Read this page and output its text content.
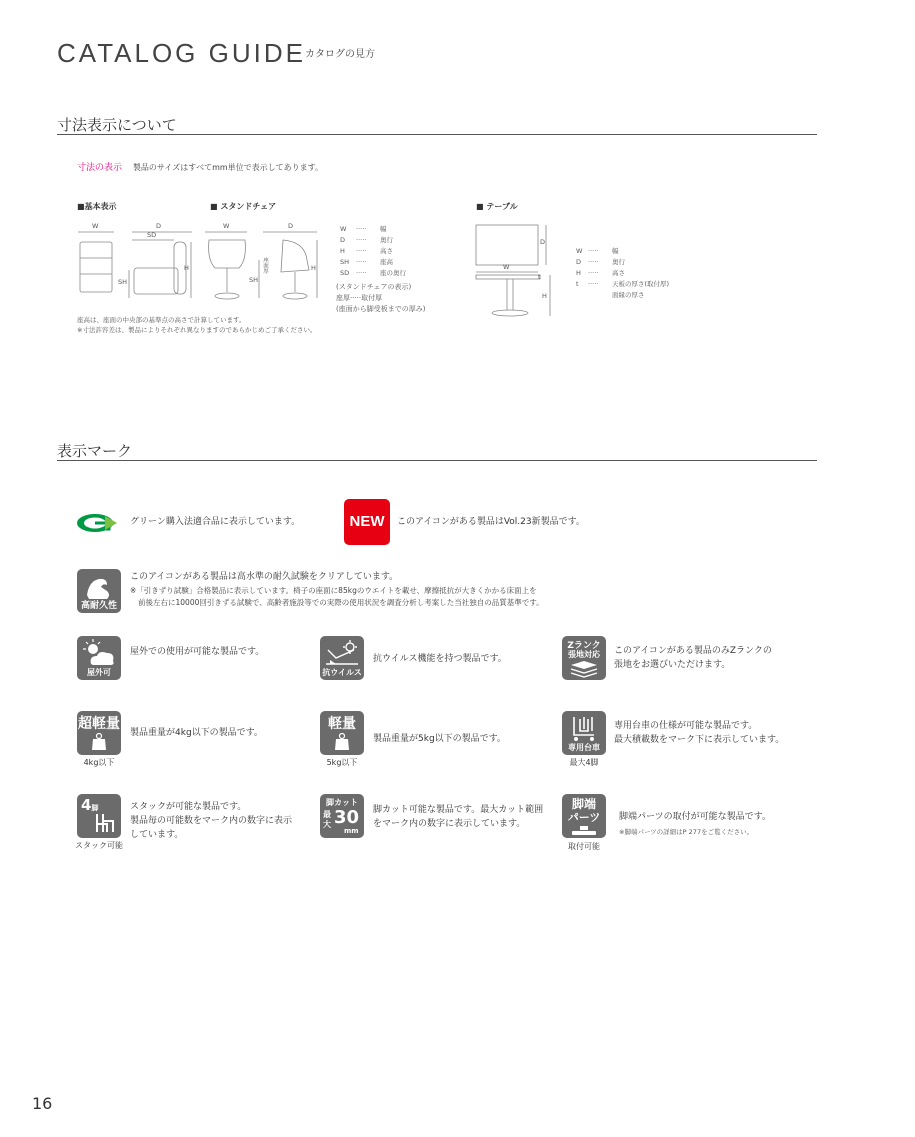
CATALOG GUIDE カタログの見方
寸法表示について
寸法の表示 製品のサイズはすべてmm単位で表示してあります。
■基本表示	■ スタンドチェア	■ テーブル
W	D
SD
SH
H
W	D
座面厚
SH
H
W ····· 幅
D ····· 奥行
H ····· 高さ
SH ····· 座高
SD ····· 座の奥行
(スタンドチェアの表示)
座厚·····取付厚
(座面から脚受板までの厚み)
D
W
t
H
W ····· 幅
D ····· 奥行
H ····· 高さ
t ····· 天板の厚さ(取付厚)
面縁の厚さ
座高は、座面の中央部の基準点の高さで計算しています。
※寸法許容差は、製品によりそれぞれ異なりますのであらかじめご了承ください。
表示マーク
グリーン購入法適合品に表示しています。	NEW	このアイコンがある製品はVol.23新製品です。
高耐久性
このアイコンがある製品は高水準の耐久試験をクリアしています。
※「引きずり試験」合格製品に表示しています。椅子の座面に85kgのウエイトを載せ、摩擦抵抗が大きくかかる床面上を
前後左右に10000回引きずる試験で、高齢者施設等での実際の使用状況を調査分析し考案した当社独自の品質基準です。
屋外可
屋外での使用が可能な製品です。
抗ウイルス
抗ウイルス機能を持つ製品です。
Zランク
張地対応	このアイコンがある製品のみZランクの
張地をお選びいただけます。
超軽量
4kg以下
製品重量が4kg以下の製品です。
軽量
5kg以下
製品重量が5kg以下の製品です。
専用台車
最大4脚
専用台車の仕様が可能な製品です。
最大積載数をマーク下に表示しています。
4脚
スタック可能
スタックが可能な製品です。
製品毎の可能数をマーク内の数字に表示
しています。
脚カット
最
大 30
mm
脚カット可能な製品です。最大カット範囲
をマーク内の数字に表示しています。
脚端
パーツ
取付可能
脚端パーツの取付が可能な製品です。
※脚端パーツの詳細はP 277をご覧ください。
16
